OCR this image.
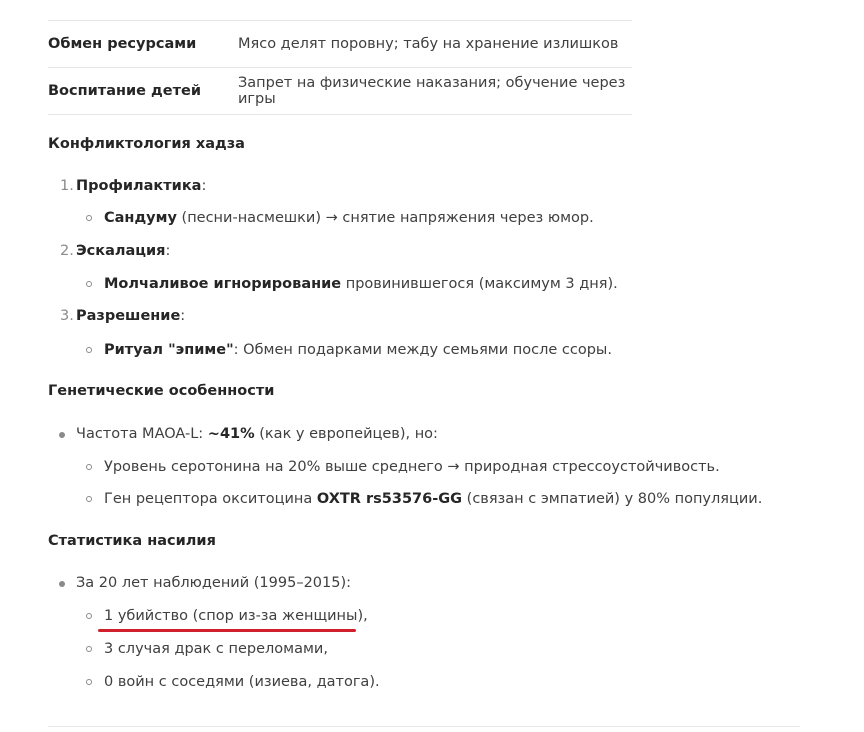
Обмен ресурсами	Мясо делят поровну; табу на хранение излишков
Воспитание детей	Запрет на физические наказания; обучение через игры
Конфликтология хадза
1. Профилактика:
Сандуму (песни-насмешки) → снятие напряжения через юмор.
2. Эскалация:
Молчаливое игнорирование провинившегося (максимум 3 дня).
3. Разрешение:
Ритуал "эпиме": Обмен подарками между семьями после ссоры.
Генетические особенности
Частота MAOA-L: ~41% (как у европейцев), но:
Уровень серотонина на 20% выше среднего → природная стрессоустойчивость.
Ген рецептора окситоцина OXTR rs53576-GG (связан с эмпатией) у 80% популяции.
Статистика насилия
За 20 лет наблюдений (1995–2015):
1 убийство (спор из-за женщины),
3 случая драк с переломами,
0 войн с соседями (изиева, датога).
